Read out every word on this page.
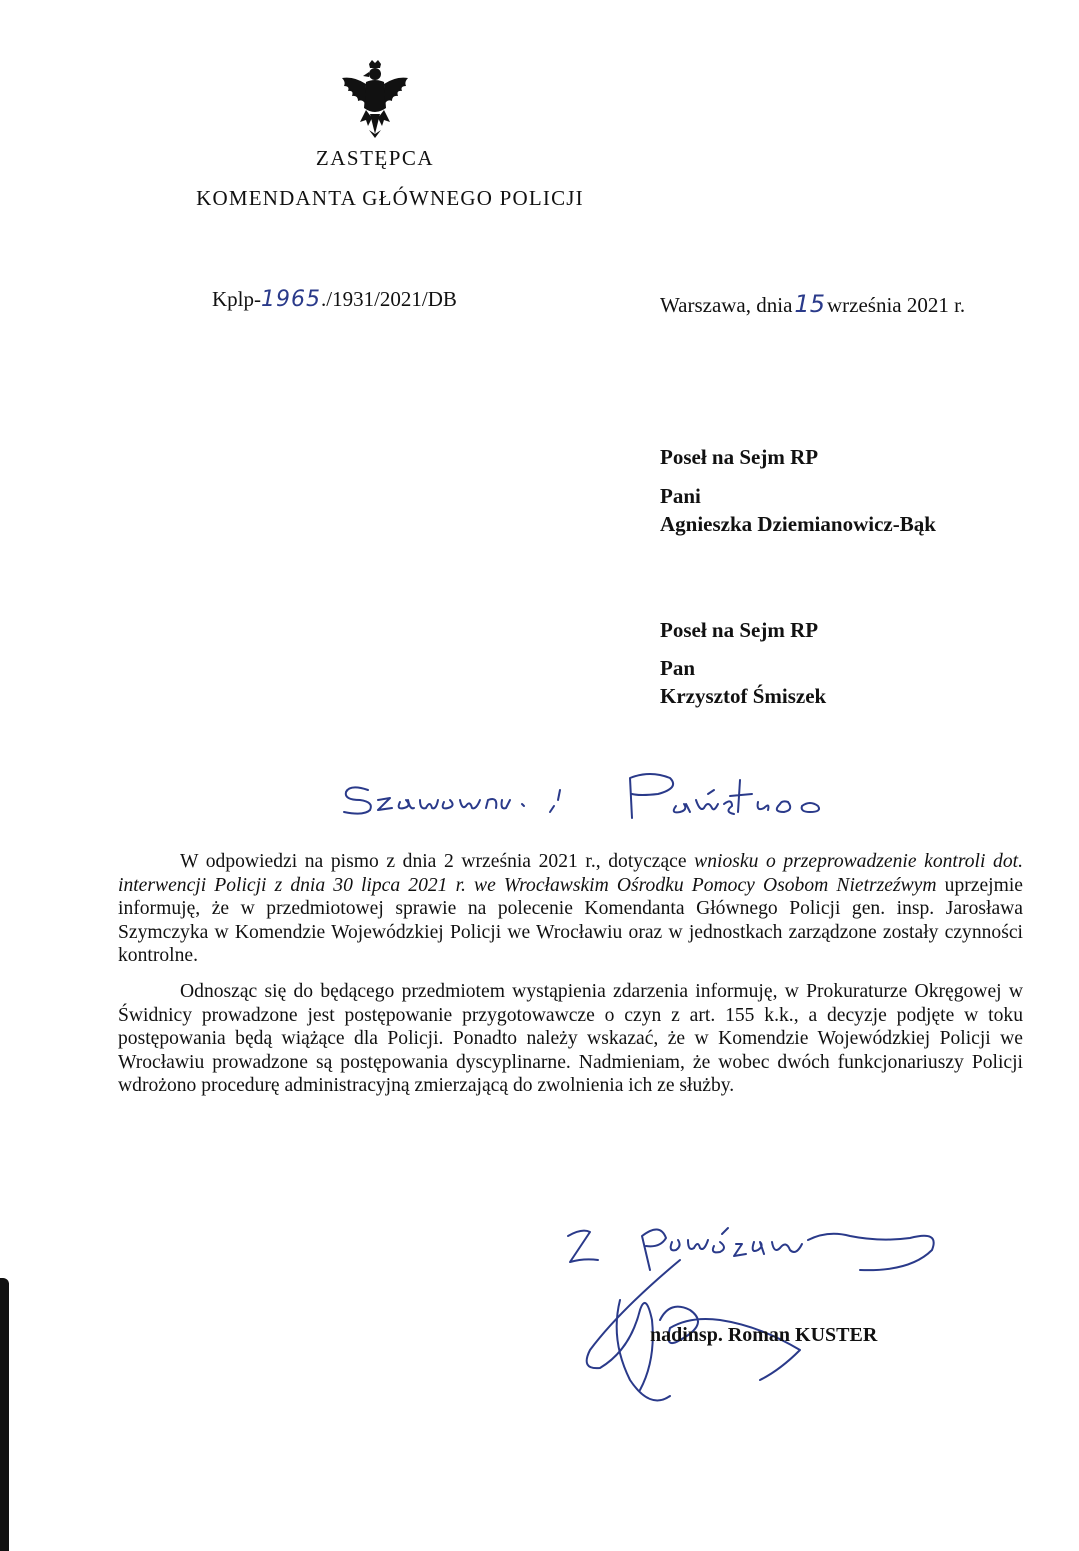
ZASTĘPCA
KOMENDANTA GŁÓWNEGO POLICJI
Kplp-1965./1931/2021/DB	Warszawa, dnia15września 2021 r.
Poseł na Sejm RP
Pani
Agnieszka Dziemianowicz-Bąk
Poseł na Sejm RP
Pan
Krzysztof Śmiszek

W odpowiedzi na pismo z dnia 2 września 2021 r., dotyczące wniosku o przeprowadzenie kontroli dot. interwencji Policji z dnia 30 lipca 2021 r. we Wrocławskim Ośrodku Pomocy Osobom Nietrzeźwym uprzejmie informuję, że w przedmiotowej sprawie na polecenie Komendanta Głównego Policji gen. insp. Jarosława Szymczyka w Komendzie Wojewódzkiej Policji we Wrocławiu oraz w jednostkach zarządzone zostały czynności kontrolne.

Odnosząc się do będącego przedmiotem wystąpienia zdarzenia informuję, w Prokuraturze Okręgowej w Świdnicy prowadzone jest postępowanie przygotowawcze o czyn z art. 155 k.k., a decyzje podjęte w toku postępowania będą wiążące dla Policji. Ponadto należy wskazać, że w Komendzie Wojewódzkiej Policji we Wrocławiu prowadzone są postępowania dyscyplinarne. Nadmieniam, że wobec dwóch funkcjonariuszy Policji wdrożono procedurę administracyjną zmierzającą do zwolnienia ich ze służby.

nadinsp. Roman KUSTER
